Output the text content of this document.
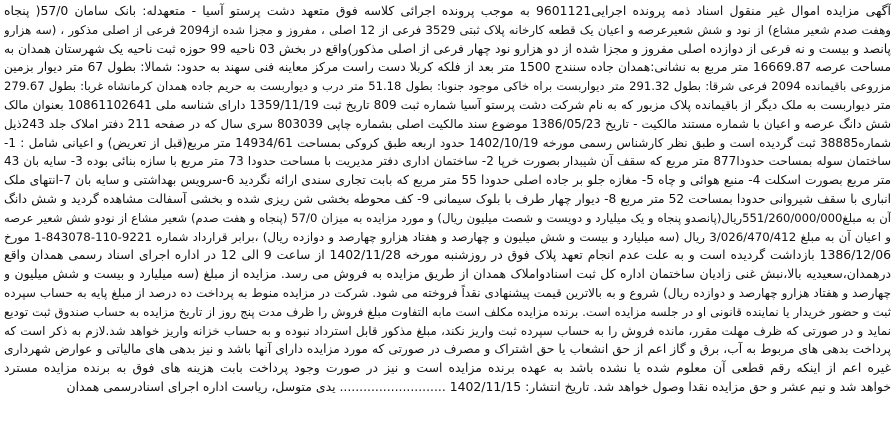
آگهی مزایده اموال غیر منقول اسناد ذمه پرونده اجرایی9601121 به موجب پرونده اجرائی کلاسه فوق متعهد دشت پرستو آسیا - متعهدله: بانک سامان 57/0( پنجاه
وهفت صدم شعیر مشاع) از نود و شش شعیرعرصه و اعیان یک قطعه کارخانه پلاک ثبتی 3529 فرعی از 12 اصلی ، مفروز و مجزا شده از2094 فرعی از اصلی مذکور ، (سه هزارو
پانصد و بیست و نه فرعی از دوازده اصلی مفروز و مجزا شده از دو هزارو نود چهار فرعی از اصلی مذکور)واقع در بخش 03 ناحیه 99 حوزه ثبت ناحیه یک شهرستان همدان به
مساحت عرصه 16669.87 متر مربع به نشانی:همدان جاده سنندج 1500 متر بعد از فلکه کربلا دست راست مرکز معاینه فنی سهند به حدود: شمالا: بطول 67 متر دیوار بزمین
مزروعی باقیمانده 2094 فرعی شرقا: بطول 291.32 متر دیواربست براه خاکی موجود جنوبا: بطول 51.18 متر درب و دیواربست به حریم جاده همدان کرمانشاه غربا: بطول 279.67
متر دیواربست به ملک دیگر از باقیمانده پلاک مزبور که به نام شرکت دشت پرستو آسیا شماره ثبت 809 تاریخ ثبت 1359/11/19 دارای شناسه ملی 10861102641 بعنوان مالک
شش دانگ عرصه و اعیان با شماره مستند مالکیت - تاریخ 1386/05/23 موضوع سند مالکیت اصلی بشماره چاپی 803039 سری سال که در صفحه 211 دفتر املاک جلد 243ذیل
شماره38885 ثبت گردیده است و طبق نظر کارشناس رسمی مورخه 1402/10/19 حدود اربعه طبق کروکی بمساحت 14934/61 متر مربع(قبل از تعریض) و اعیانی شامل : 1-
ساختمان سوله بمساحت حدودا877 متر مربع که سقف آن شیبدار بصورت خرپا 2- ساختمان اداری دفتر مدیریت با مساحت حدودا 73 متر مربع با سازه بنائی بوده 3- سایه بان 43
متر مربع بصورت اسکلت 4- منبع هوائی و چاه 5- مغازه جلو بر جاده اصلی حدودا 55 متر مربع که بابت تجاری سندی ارائه نگردید 6-سرویس بهداشتی و سایه بان 7-انتهای ملک
انباری با سقف شیروانی حدودا بمساحت 52 متر مربع 8- دیوار چهار طرف با بلوک سیمانی 9- کف محوطه بخشی شن ریزی شده و بخشی آسفالت مشاهده گردید و شش دانگ
آن به مبلغ551/260/000/000ریال(پانصدو پنجاه و یک میلیارد و دویست و شصت میلیون ریال) و مورد مزایده به میزان 57/0 (پنجاه و هفت صدم) شعیر مشاع از نودو شش شعیر عرصه
و اعیان آن به مبلغ 3/026/470/412 ریال (سه میلیارد و بیست و شش میلیون و چهارصد و هفتاد هزارو چهارصد و دوازده ریال) ،برابر قرارداد شماره 9221-110-843078-1 مورخ
1386/12/06 بازداشت گردیده است و به علت عدم انجام تعهد پلاک فوق در روزشنبه مورخه 1402/11/28 از ساعت 9 الی 12 در اداره اجرای اسناد رسمی همدان واقع
درهمدان،سعیدیه بالا،نبش غنی زادیان ساختمان اداره کل ثبت اسنادواملاک همدان از طریق مزایده به فروش می رسد. مزایده از مبلغ (سه میلیارد و بیست و شش میلیون و
چهارصد و هفتاد هزارو چهارصد و دوازده ریال) شروع و به بالاترین قیمت پیشنهادی نقداً فروخته می شود. شرکت در مزایده منوط به پرداخت ده درصد از مبلغ پایه به حساب سپرده
ثبت و حضور خریدار یا نماینده قانونی او در جلسه مزایده است. برنده مزایده مکلف است مابه التفاوت مبلغ فروش را ظرف مدت پنج روز از تاریخ مزایده به حساب صندوق ثبت تودیع
نماید و در صورتی که ظرف مهلت مقرر، مانده فروش را به حساب سپرده ثبت واریز نکند، مبلغ مذکور قابل استرداد نبوده و به حساب خزانه واریز خواهد شد.لازم به ذکر است که
پرداخت بدهی های مربوط به آب، برق و گاز اعم از حق انشعاب یا حق اشتراک و مصرف در صورتی که مورد مزایده دارای آنها باشد و نیز بدهی های مالیاتی و عوارض شهرداری
غیره اعم از اینکه رقم قطعی آن معلوم شده یا نشده باشد به عهده برنده مزایده است و نیز در صورت وجود پرداخت بابت هزینه های فوق به برنده مزایده مسترد
خواهد شد و نیم عشر و حق مزایده نقدا وصول خواهد شد. تاریخ انتشار: 1402/11/15 ........................... یدی متوسل، ریاست اداره اجرای اسنادرسمی همدان
